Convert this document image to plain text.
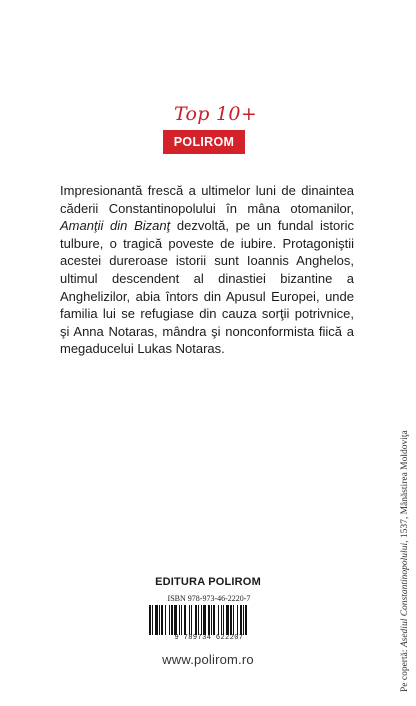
Top 10+
POLIROM

Impresionantă frescă a ultimelor luni de dinaintea căderii Constantinopolului în mâna otomanilor, Amanţii din Bizanţ dezvoltă, pe un fundal istoric tulbure, o tragică poveste de iubire. Protagoniştii acestei dureroase istorii sunt Ioannis Anghelos, ultimul descendent al dinastiei bizantine a Anghelizilor, abia întors din Apusul Europei, unde familia lui se refugiase din cauza sorţii potrivnice, şi Anna Notaras, mândra şi nonconformista fiică a megaducelui Lukas Notaras.

EDITURA POLIROM
ISBN 978-973-46-2220-7
9 789734 622207
www.polirom.ro	Pe copertă: Asediul Constantinopolului, 1537, Mânăstirea Moldoviţa
